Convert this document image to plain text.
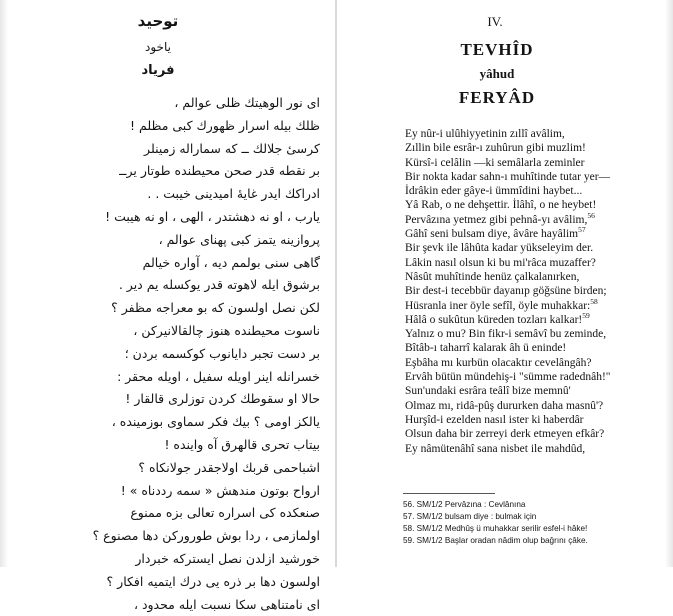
توحيد
ياخود
فرياد
اى نور الوهيتك ظلى عوالم ،
ظلك بيله اسرار ظهورك كبى مظلم !
كرسىٔ جلالك ــ كه سماراله زمينلر
بر نقطه قدر صحن محيطنده طوتار يرــ
ادراكك ايدر غايهٔ اميدينى خيبت . .
يارب ، او نه دهشتدر ، الهى ، او نه هيبت !
پروازينه يتمز كبى پهناى عوالم ،
گاهى سنى بولمم ديه ، آواره خيالم
برشوق ايله لاهوته قدر يوكسله يم دير .
لكن نصل اولسون كه بو معراجه مظفر ؟
ناسوت محيطنده هنوز چالقالانيركن ،
بر دست تجبر دايانوب كوكسمه بردن ؛
خسرانله اينر اويله سفيل ، اويله محقر :
حالا او سقوطك كردن توزلرى قالقار !
يالكز اومى ؟ بيك فكر سماوى بوزمينده ،
بيتاب تحرى قالهرق آه واينده !
اشباحمى قربك اولاجقدر جولانكاه ؟
ارواح بوتون مندهش « سمه رددناه » !
صنعكده كى اسراره تعالى بزه ممنوع
اولمازمى ، ردا بوش طوروركن دها مصنوع ؟
خورشيد ازلدن نصل ايستركه خبردار
اولسون دها بر ذره يى درك ايتميه افكار ؟
اى نامتناهى سكا نسبت ايله محدود ،
IV.
TEVHÎD
yâhud
FERYÂD
Ey nûr-i ulûhiyyetinin zıllî avâlim,
Zıllin bile esrâr-ı zuhûrun gibi muzlim!
Kürsî-i celâlin —ki semâlarla zeminler
Bir nokta kadar sahn-ı muhîtinde tutar yer—
İdrâkin eder gâye-i ümmîdini haybet...
Yâ Rab, o ne dehşettir. İlâhî, o ne heybet!
Pervâzına yetmez gibi pehnâ-yı avâlim,$^{56}$
Gâhî seni bulsam diye, âvâre hayâlim$^{57}$
Bir şevk ile lâhûta kadar yükseleyim der.
Lâkin nasıl olsun ki bu mi'râca muzaffer?
Nâsût muhîtinde henüz çalkalanırken,
Bir dest-i tecebbür dayanıp göğsüne birden;
Hüsranla iner öyle sefîl, öyle muhakkar:$^{58}$
Hâlâ o sukûtun küreden tozları kalkar!$^{59}$
Yalnız o mu? Bin fikr-i semâvî bu zeminde,
Bîtâb-ı taharrî kalarak âh ü eninde!
Eşbâha mı kurbün olacaktır cevelângâh?
Ervâh bütün mündehiş-i "sümme radednâh!"
Sun'undaki esrâra teâlî bize memnû'
Olmaz mı, ridâ-pûş dururken daha masnû'?
Hurşîd-i ezelden nasıl ister ki haberdâr
Olsun daha bir zerreyi derk etmeyen efkâr?
Ey nâmütenâhî sana nisbet ile mahdûd,
56. SM/1/2 Pervâzına : Cevlânına
57. SM/1/2 bulsam diye : bulmak için
58. SM/1/2 Medhûş ü muhakkar serilir esfel-i hâke!
59. SM/1/2 Başlar oradan nâdim olup bağrını çâke.
